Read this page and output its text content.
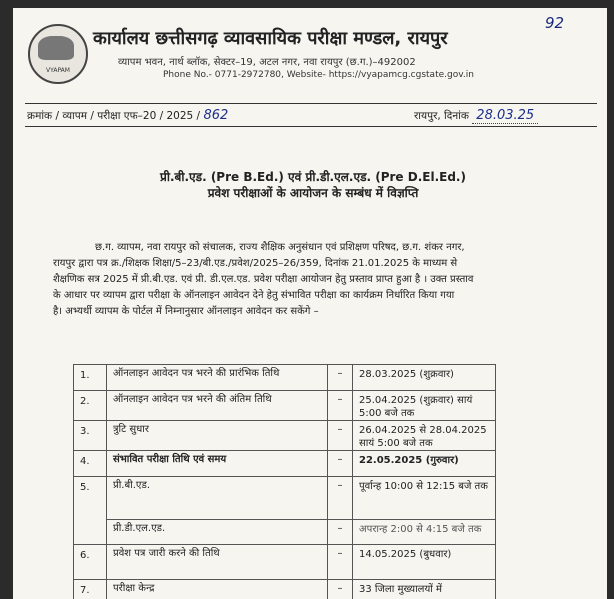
92
VYAPAM
कार्यालय छत्तीसगढ़ व्यावसायिक परीक्षा मण्डल, रायपुर
व्यापम भवन, नार्थ ब्लॉक, सेक्टर–19, अटल नगर, नवा रायपुर (छ.ग.)–492002
Phone No.- 0771-2972780, Website- https://vyapamcg.cgstate.gov.in
क्रमांक / व्यापम / परीक्षा एफ–20 / 2025 / 862	रायपुर, दिनांक 28.03.25
प्री.बी.एड. (Pre B.Ed.) एवं प्री.डी.एल.एड. (Pre D.El.Ed.)
प्रवेश परीक्षाओं के आयोजन के सम्बंध में विज्ञप्ति
छ.ग. व्यापम, नवा रायपुर को संचालक, राज्य शैक्षिक अनुसंधान एवं प्रशिक्षण परिषद, छ.ग. शंकर नगर,
रायपुर द्वारा पत्र क्र./शिक्षक शिक्षा/5–23/बी.एड./प्रवेश/2025–26/359, दिनांक 21.01.2025 के माध्यम से
शैक्षणिक सत्र 2025 में प्री.बी.एड. एवं प्री. डी.एल.एड. प्रवेश परीक्षा आयोजन हेतु प्रस्ताव प्राप्त हुआ है । उक्त प्रस्ताव
के आधार पर व्यापम द्वारा परीक्षा के ऑनलाइन आवेदन देने हेतु संभावित परीक्षा का कार्यक्रम निर्धारित किया गया
है। अभ्यर्थी व्यापम के पोर्टल में निम्नानुसार ऑनलाइन आवेदन कर सकेंगे –
1.	ऑनलाइन आवेदन पत्र भरने की प्रारंभिक तिथि	–	28.03.2025 (शुक्रवार)
2.	ऑनलाइन आवेदन पत्र भरने की अंतिम तिथि	–	25.04.2025 (शुक्रवार) सायं 5:00 बजे तक
3.	त्रुटि सुधार	–	26.04.2025 से 28.04.2025
सायं 5:00 बजे तक

4.	संभावित परीक्षा तिथि एवं समय	–	22.05.2025 (गुरुवार)
5.	प्री.बी.एड.	–	पूर्वान्ह 10:00 से 12:15 बजे तक
	प्री.डी.एल.एड.	–	अपरान्ह 2:00 से 4:15 बजे तक
6.	प्रवेश पत्र जारी करने की तिथि	–	14.05.2025 (बुधवार)
7.	परीक्षा केन्द्र	–	33 जिला मुख्यालयों में
